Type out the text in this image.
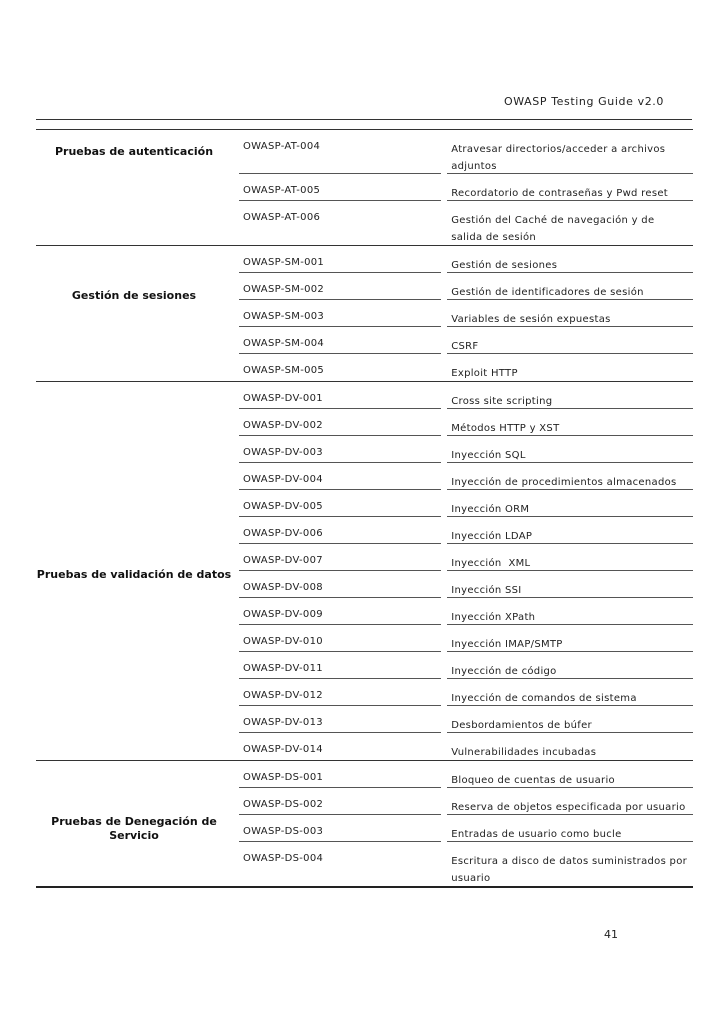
OWASP Testing Guide v2.0
Pruebas de autenticación	OWASP-AT-004	Atravesar directorios/acceder a archivos adjuntos
OWASP-AT-005	Recordatorio de contraseñas y Pwd reset
OWASP-AT-006	Gestión del Caché de navegación y de salida de sesión
Gestión de sesiones
OWASP-SM-001	Gestión de sesiones
OWASP-SM-002	Gestión de identificadores de sesión
OWASP-SM-003	Variables de sesión expuestas
OWASP-SM-004	CSRF
OWASP-SM-005	Exploit HTTP
Pruebas de validación de datos
OWASP-DV-001	Cross site scripting
OWASP-DV-002	Métodos HTTP y XST
OWASP-DV-003	Inyección SQL
OWASP-DV-004	Inyección de procedimientos almacenados
OWASP-DV-005	Inyección ORM
OWASP-DV-006	Inyección LDAP
OWASP-DV-007	Inyección  XML
OWASP-DV-008	Inyección SSI
OWASP-DV-009	Inyección XPath
OWASP-DV-010	Inyección IMAP/SMTP
OWASP-DV-011	Inyección de código
OWASP-DV-012	Inyección de comandos de sistema
OWASP-DV-013	Desbordamientos de búfer
OWASP-DV-014	Vulnerabilidades incubadas
Pruebas de Denegación de Servicio
OWASP-DS-001	Bloqueo de cuentas de usuario
OWASP-DS-002	Reserva de objetos especificada por usuario
OWASP-DS-003	Entradas de usuario como bucle
OWASP-DS-004	Escritura a disco de datos suministrados por usuario
41
